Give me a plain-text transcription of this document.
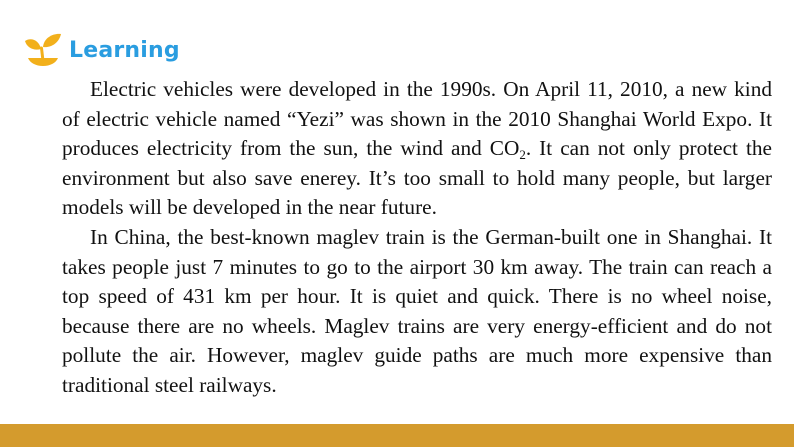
Learning

Electric vehicles were developed in the 1990s. On April 11, 2010, a new kind of electric vehicle named “Yezi” was shown in the 2010 Shanghai World Expo. It produces electricity from the sun, the wind and $CO_2$. It can not only protect the environment but also save enerey. It’s too small to hold many people, but larger models will be developed in the near future.

In China, the best-known maglev train is the German-built one in Shanghai. It takes people just 7 minutes to go to the airport 30 km away. The train can reach a top speed of 431 km per hour. It is quiet and quick. There is no wheel noise, because there are no wheels. Maglev trains are very energy-efficient and do not pollute the air. However, maglev guide paths are much more expensive than traditional steel railways.
